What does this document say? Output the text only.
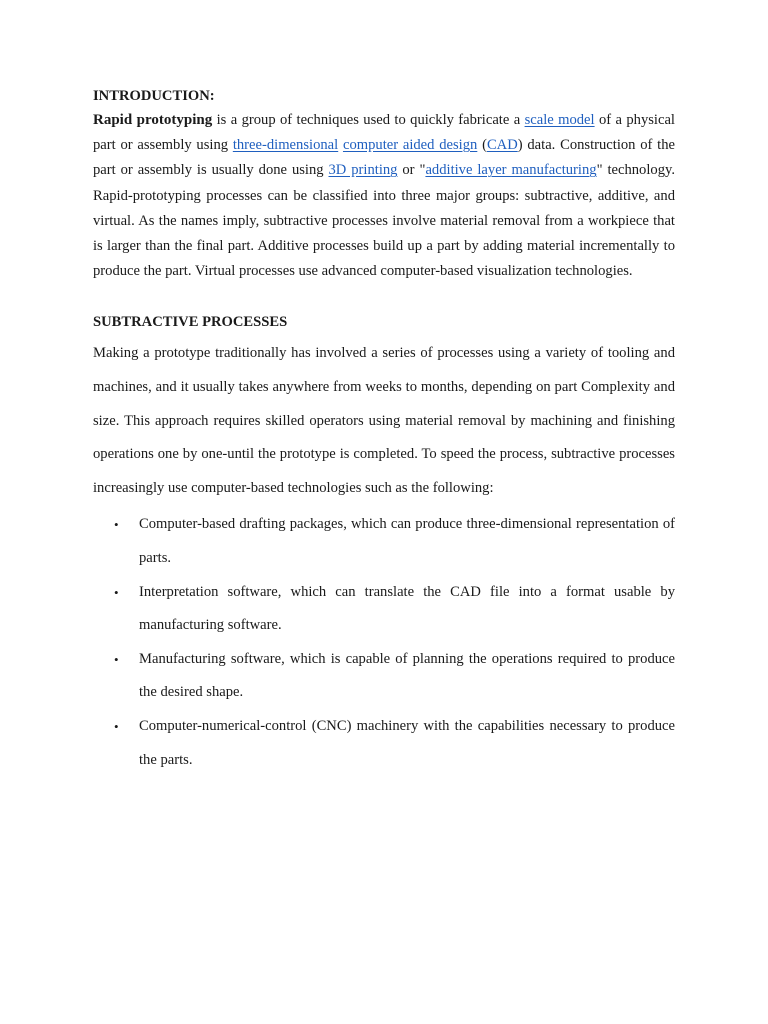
INTRODUCTION:

Rapid prototyping is a group of techniques used to quickly fabricate a scale model of a physical part or assembly using three-dimensional computer aided design (CAD) data. Construction of the part or assembly is usually done using 3D printing or "additive layer manufacturing" technology. Rapid-prototyping processes can be classified into three major groups: subtractive, additive, and virtual. As the names imply, subtractive processes involve material removal from a workpiece that is larger than the final part. Additive processes build up a part by adding material incrementally to produce the part. Virtual processes use advanced computer-based visualization technologies.

SUBTRACTIVE PROCESSES

Making a prototype traditionally has involved a series of processes using a variety of tooling and machines, and it usually takes anywhere from weeks to months, depending on part Complexity and size. This approach requires skilled operators using material removal by machining and finishing operations one by one-until the prototype is completed. To speed the process, subtractive processes increasingly use computer-based technologies such as the following:

• Computer-based drafting packages, which can produce three-dimensional representation of parts.
• Interpretation software, which can translate the CAD file into a format usable by manufacturing software.
• Manufacturing software, which is capable of planning the operations required to produce the desired shape.
• Computer-numerical-control (CNC) machinery with the capabilities necessary to produce the parts.
